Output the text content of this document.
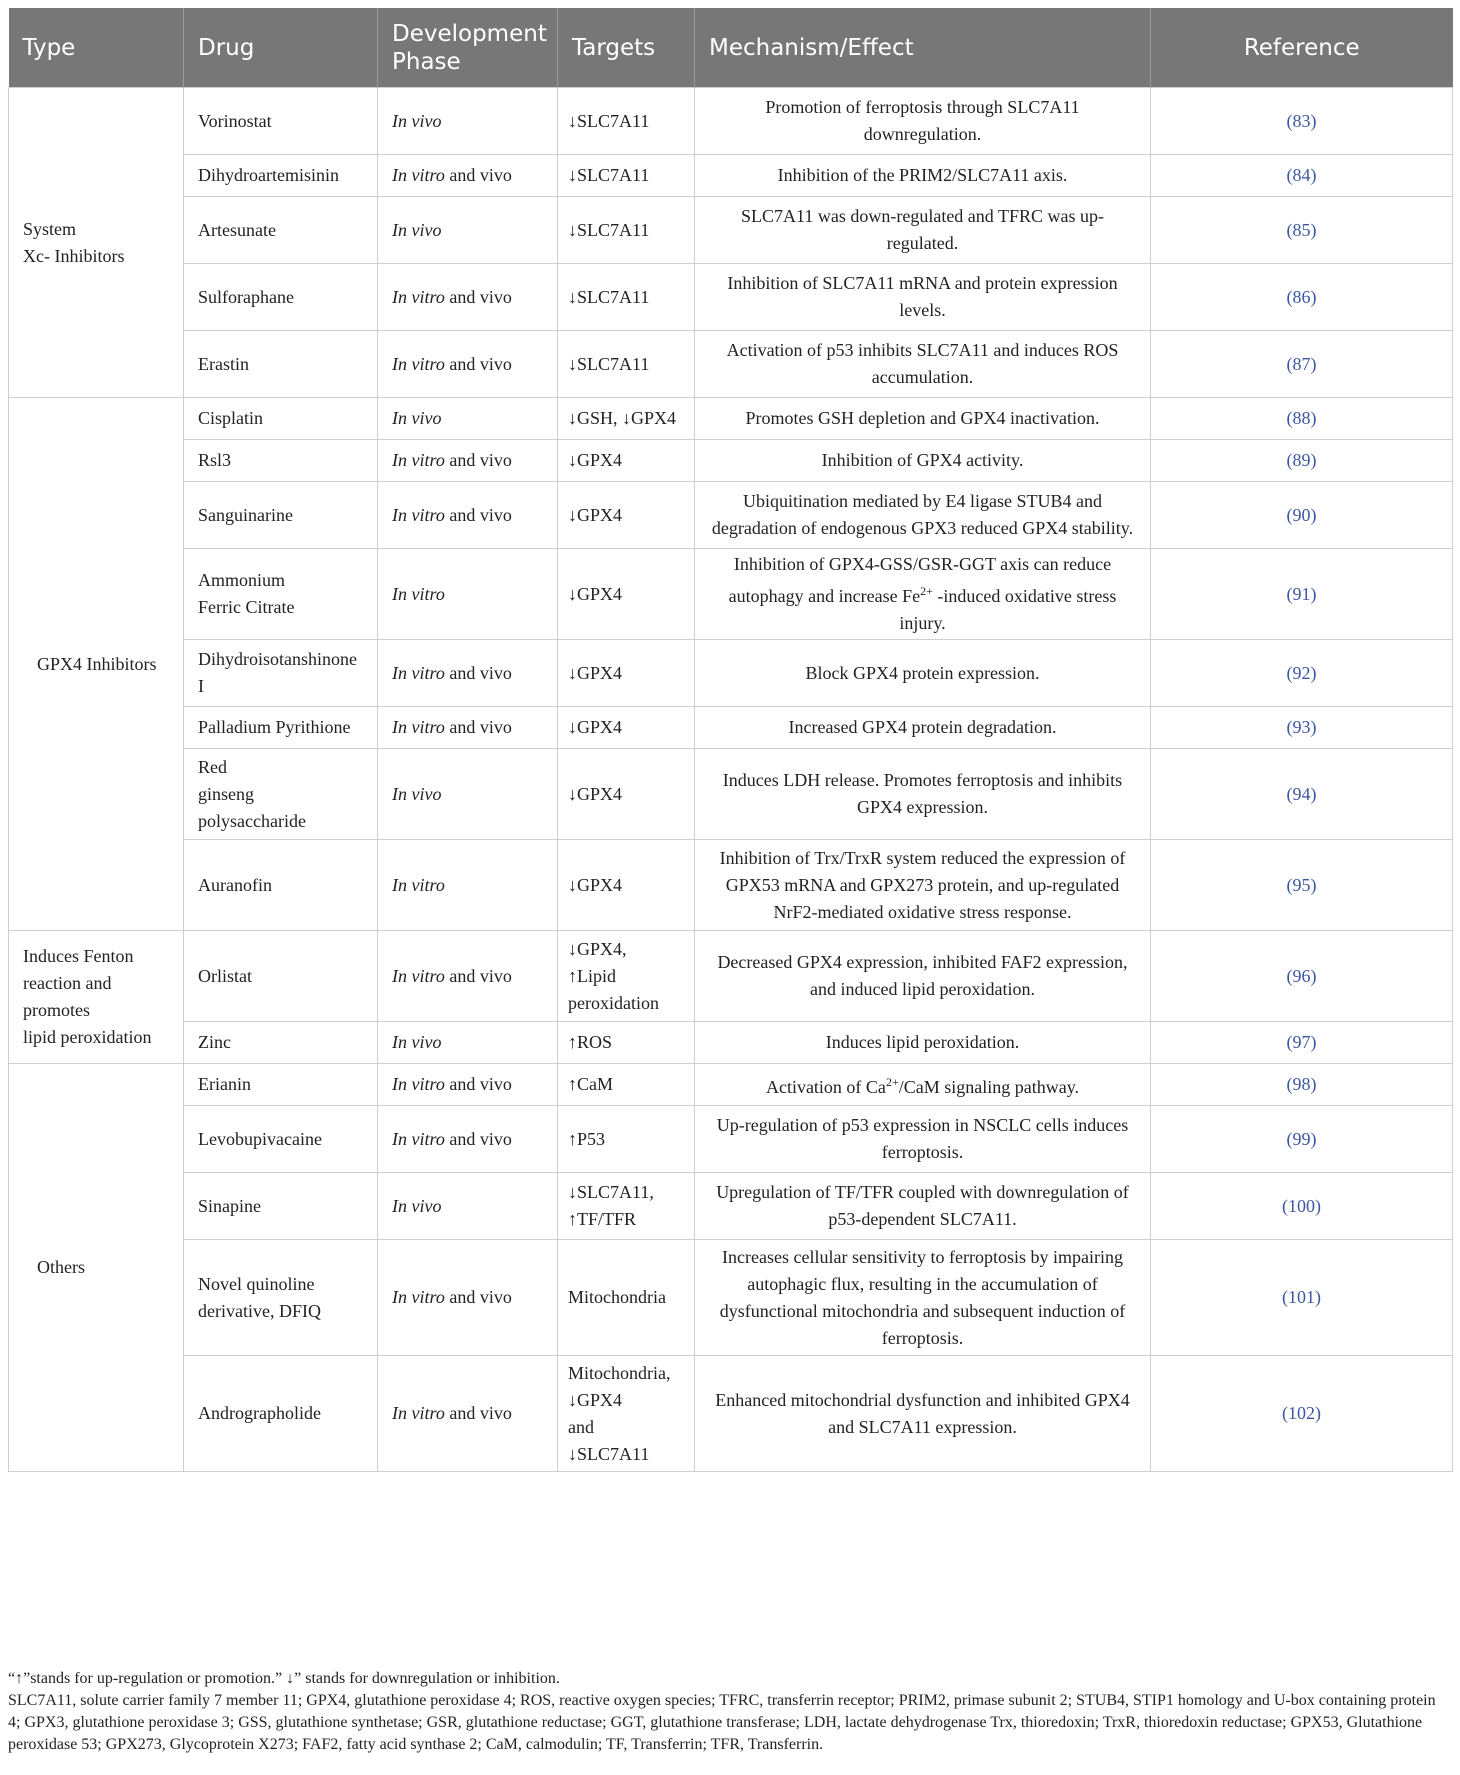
Type	Drug	Development Phase	Targets	Mechanism/Effect	Reference
System
Xc- Inhibitors	Vorinostat	In vivo	↓SLC7A11	Promotion of ferroptosis through SLC7A11 downregulation.	(83)
	Dihydroartemisinin	In vitro and vivo	↓SLC7A11	Inhibition of the PRIM2/SLC7A11 axis.	(84)
	Artesunate	In vivo	↓SLC7A11	SLC7A11 was down-regulated and TFRC was up-regulated.	(85)
	Sulforaphane	In vitro and vivo	↓SLC7A11	Inhibition of SLC7A11 mRNA and protein expression levels.	(86)
	Erastin	In vitro and vivo	↓SLC7A11	Activation of p53 inhibits SLC7A11 and induces ROS accumulation.	(87)
GPX4 Inhibitors	Cisplatin	In vivo	↓GSH, ↓GPX4	Promotes GSH depletion and GPX4 inactivation.	(88)
	Rsl3	In vitro and vivo	↓GPX4	Inhibition of GPX4 activity.	(89)
	Sanguinarine	In vitro and vivo	↓GPX4	Ubiquitination mediated by E4 ligase STUB4 and degradation of endogenous GPX3 reduced GPX4 stability.	(90)
	Ammonium
Ferric Citrate	In vitro	↓GPX4	Inhibition of GPX4-GSS/GSR-GGT axis can reduce autophagy and increase $Fe^{2+}$ -induced oxidative stress injury.	(91)
	Dihydroisotanshinone
I	In vitro and vivo	↓GPX4	Block GPX4 protein expression.	(92)
	Palladium Pyrithione	In vitro and vivo	↓GPX4	Increased GPX4 protein degradation.	(93)
	Red
ginseng
polysaccharide	In vivo	↓GPX4	Induces LDH release. Promotes ferroptosis and inhibits GPX4 expression.	(94)
	Auranofin	In vitro	↓GPX4	Inhibition of Trx/TrxR system reduced the expression of GPX53 mRNA and GPX273 protein, and up-regulated NrF2-mediated oxidative stress response.	(95)
Induces Fenton
reaction and
promotes
lipid peroxidation	Orlistat	In vitro and vivo	↓GPX4,
↑Lipid
peroxidation	Decreased GPX4 expression, inhibited FAF2 expression, and induced lipid peroxidation.	(96)
	Zinc	In vivo	↑ROS	Induces lipid peroxidation.	(97)
Others	Erianin	In vitro and vivo	↑CaM	Activation of $Ca^{2+}$/CaM signaling pathway.	(98)
	Levobupivacaine	In vitro and vivo	↑P53	Up-regulation of p53 expression in NSCLC cells induces ferroptosis.	(99)
	Sinapine	In vivo	↓SLC7A11,
↑TF/TFR	Upregulation of TF/TFR coupled with downregulation of p53-dependent SLC7A11.	(100)
	Novel quinoline
derivative, DFIQ	In vitro and vivo	Mitochondria	Increases cellular sensitivity to ferroptosis by impairing autophagic flux, resulting in the accumulation of dysfunctional mitochondria and subsequent induction of ferroptosis.	(101)
	Andrographolide	In vitro and vivo	Mitochondria,
↓GPX4
and
↓SLC7A11	Enhanced mitochondrial dysfunction and inhibited GPX4 and SLC7A11 expression.	(102)

“↑”stands for up-regulation or promotion.” ↓” stands for downregulation or inhibition.

SLC7A11, solute carrier family 7 member 11; GPX4, glutathione peroxidase 4; ROS, reactive oxygen species; TFRC, transferrin receptor; PRIM2, primase subunit 2; STUB4, STIP1 homology and U-box containing protein 4; GPX3, glutathione peroxidase 3; GSS, glutathione synthetase; GSR, glutathione reductase; GGT, glutathione transferase; LDH, lactate dehydrogenase Trx, thioredoxin; TrxR, thioredoxin reductase; GPX53, Glutathione peroxidase 53; GPX273, Glycoprotein X273; FAF2, fatty acid synthase 2; CaM, calmodulin; TF, Transferrin; TFR, Transferrin.
